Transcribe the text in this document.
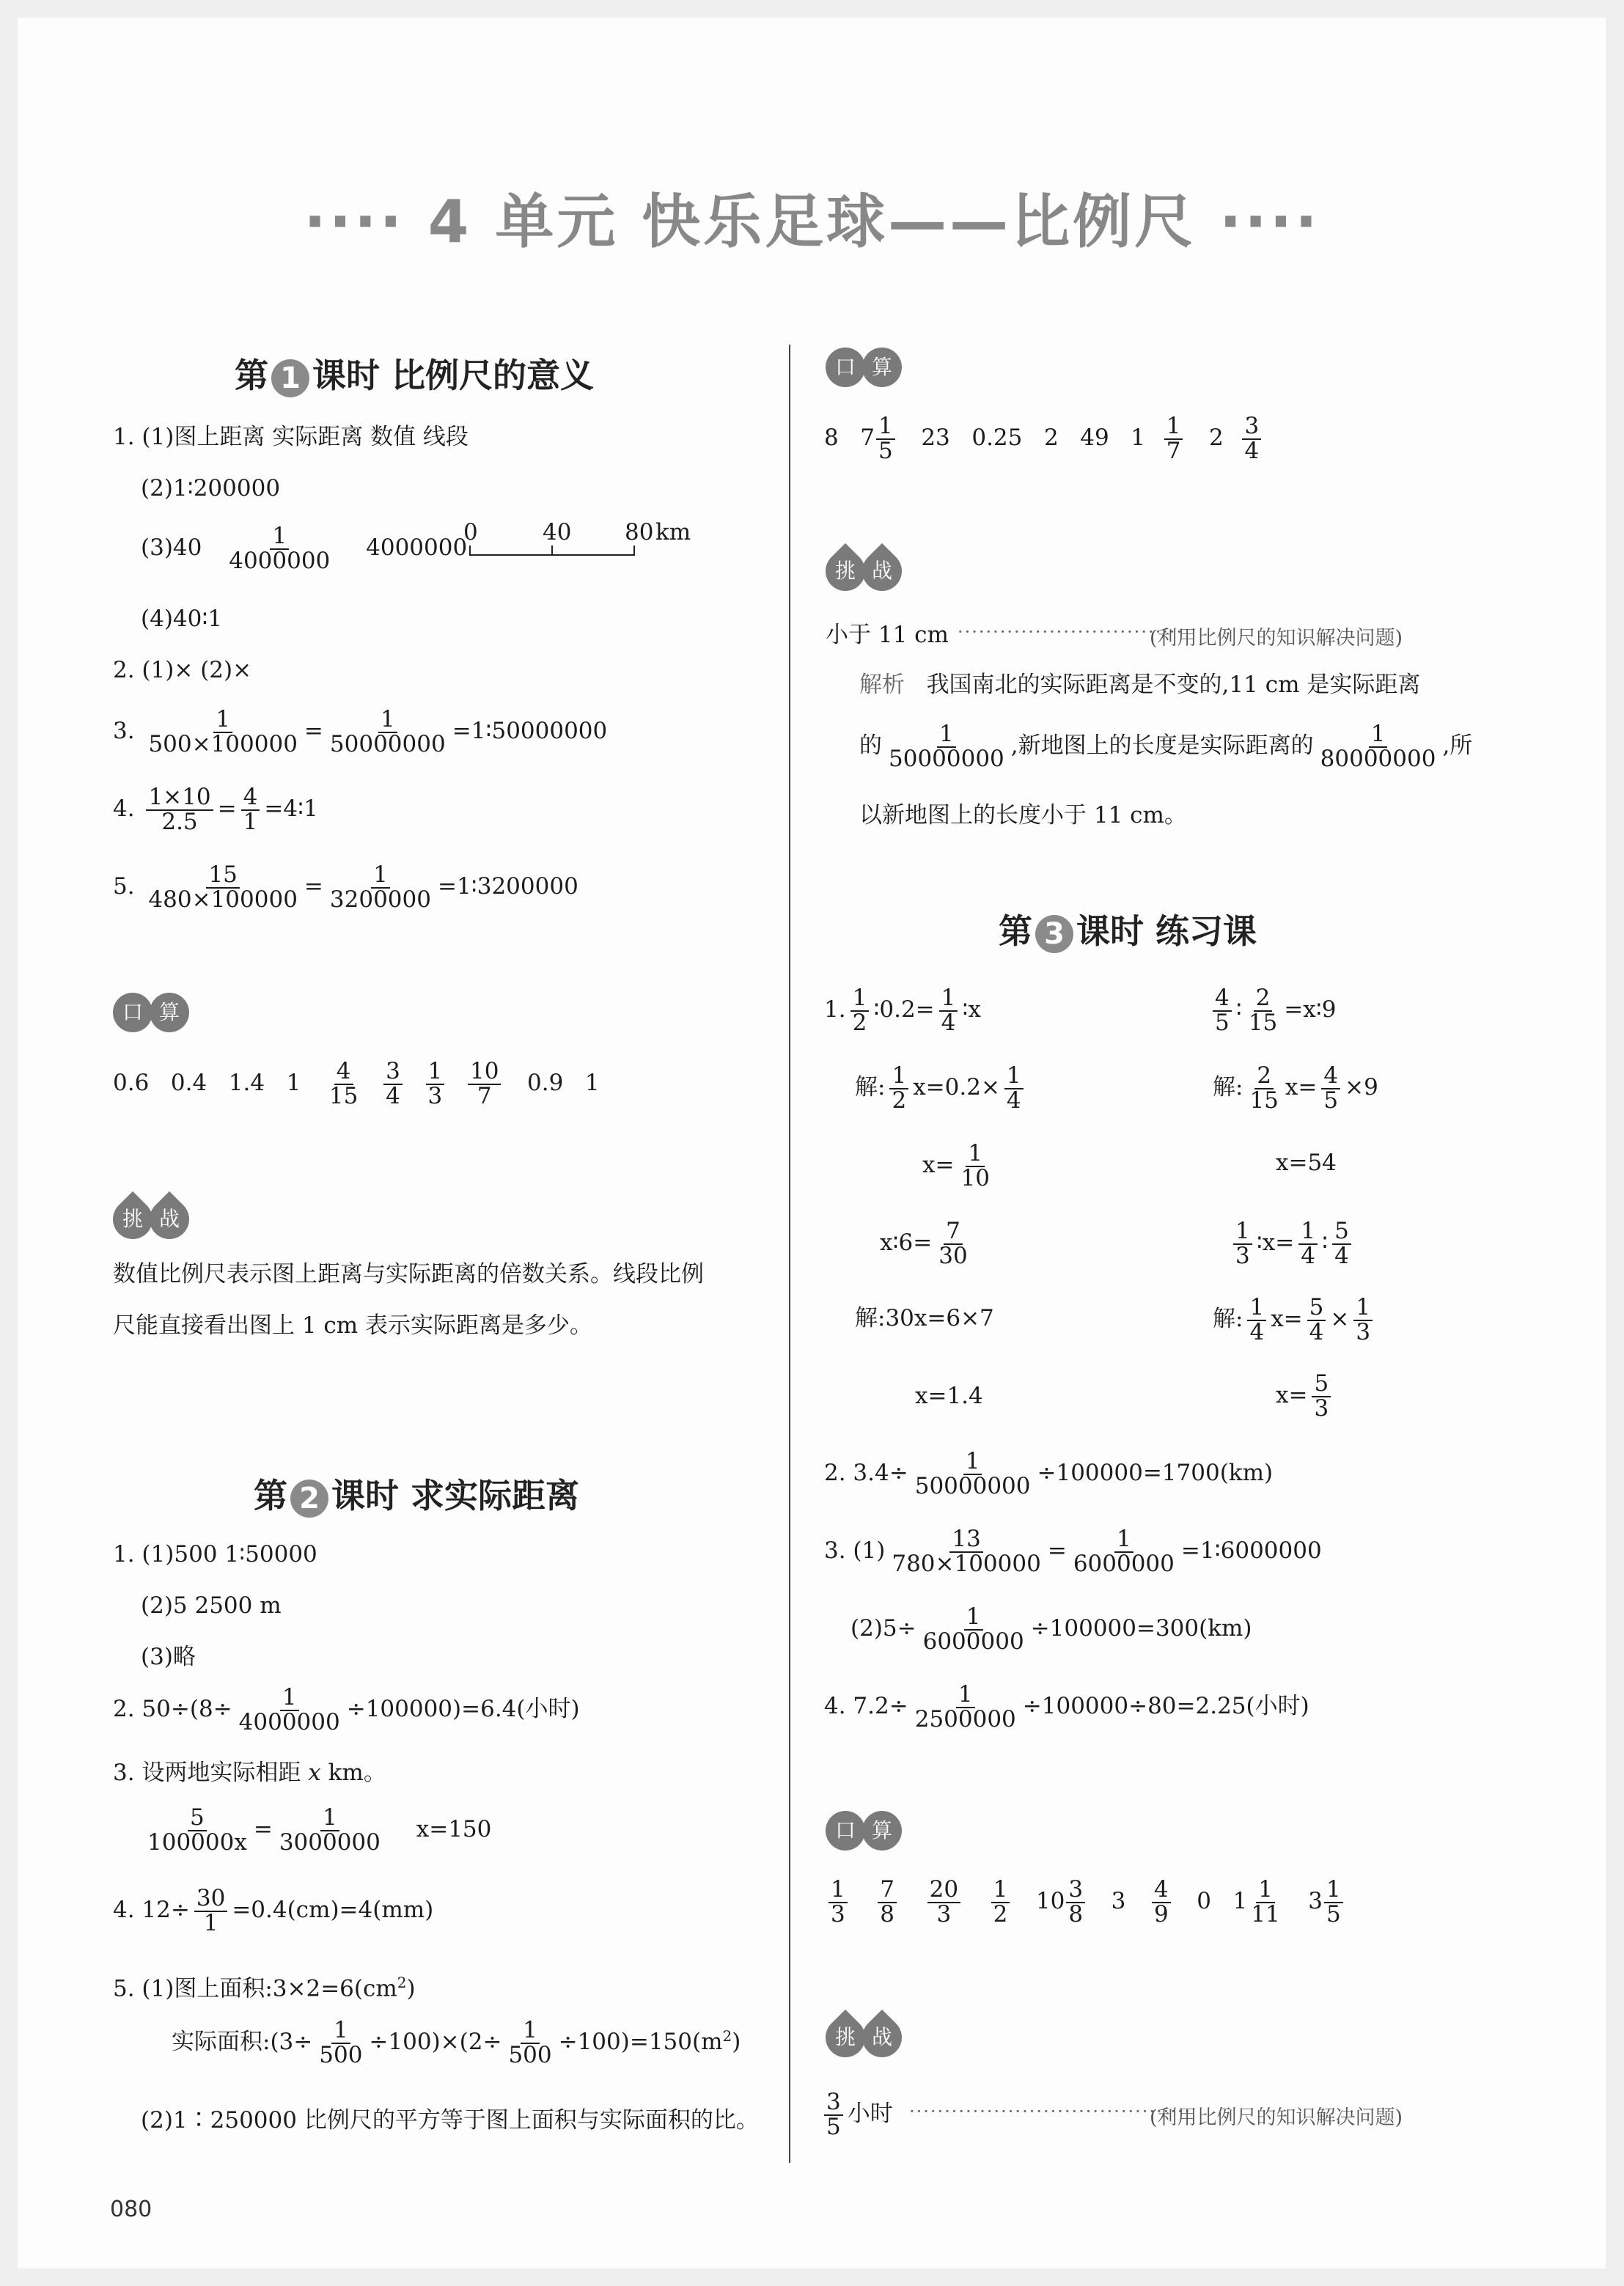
···· 4 单元 快乐足球——比例尺 ····
第 1 课时 比例尺的意义
1. (1)图上距离 实际距离 数值 线段
(2)1∶200000
$(3)40 \frac{1}{4000000} 4000000$
0	40 80 km
(4)40∶1
2. (1)× (2)×
3. $\frac{1}{500\times 100000} = \frac{1}{50000000}$ =1∶50000000
4. $\frac{1\times 10}{2.5} = \frac{4}{1}$ =4∶1
5. $\frac{15}{480\times 100000} = \frac{1}{3200000}$ =1∶3200000
口 算
0.6 0.4 1.4 $1 \frac{4}{15}$
$\frac{3}{4}$
$\frac{1}{3}$
$\frac{10}{7} 0.9$ 1
挑 战
数值比例尺表示图上距离与实际距离的倍数关系。线段比例
尺能直接看出图上 1 cm 表示实际距离是多少。
第 2 课时 求实际距离
1. (1)500 1∶50000
(2)5 2500 m
(3)略
2. $50\div(8\div \frac{1}{4000000} \div 100000)=6.4$(小时)
3. 设两地实际相距 x km。
$\frac{5}{100000x} = \frac{1}{3000000} x=150$
4. $12\div \frac{30}{1} =0.4(cm)=4(mm)$
5. (1)图上面积$:3\times 2=6(cm^2)$
实际面积:(3÷ $\frac{1}{500} \div 100)\times(2\div \frac{1}{500} \div 100)=150(m^2)$
(2)1∶250000 比例尺的平方等于图上面积与实际面积的比。
口 算
8 $7 \frac{1}{5} 23$ 0.25 2 49 $1 \frac{1}{7} 2 \frac{3}{4}$
挑 战
小于 11 cm ································
(利用比例尺的知识解决问题)
解析 我国南北的实际距离是不变的,11 cm 是实际距离
的 $\frac{1}{50000000}$ ,新地图上的长度是实际距离的 $\frac{1}{80000000}$ ,所
以新地图上的长度小于 11 cm。
第 3 课时 练习课
1. $\frac{1}{2}$ ∶0.2= $\frac{1}{4}$ ∶x	$\frac{4}{5}$ ∶ $\frac{2}{15}$ =x∶9
解: $\frac{1}{2} x=0.2\times \frac{1}{4}$	解: $\frac{2}{15} x= \frac{4}{5} \times 9$
$x= \frac{1}{10}$	x=54
x∶6= $\frac{7}{30}$	$\frac{1}{3}$ ∶x= $\frac{1}{4}$ ∶ $\frac{5}{4}$
解:30x=6×7	解: $\frac{1}{4} x= \frac{5}{4} \times \frac{1}{3}$
x=1.4	$x= \frac{5}{3}$
2. $3.4\div \frac{1}{50000000} \div 100000=1700(km)$
3. $(1) \frac{13}{780\times 100000} = \frac{1}{6000000}$ =1∶6000000
$(2)5\div \frac{1}{6000000} \div 100000=300(km)$
4. $7.2\div \frac{1}{2500000} \div 100000\div 80=2.25$(小时)
口 算
$\frac{1}{3}$
$\frac{7}{8}$
$\frac{20}{3}$
$\frac{1}{2} 10 \frac{3}{8} 3 \frac{4}{9} 0$ $1 \frac{1}{11} 3 \frac{1}{5}$
挑 战
$\frac{3}{5}$ 小时 ········································
(利用比例尺的知识解决问题)
080
